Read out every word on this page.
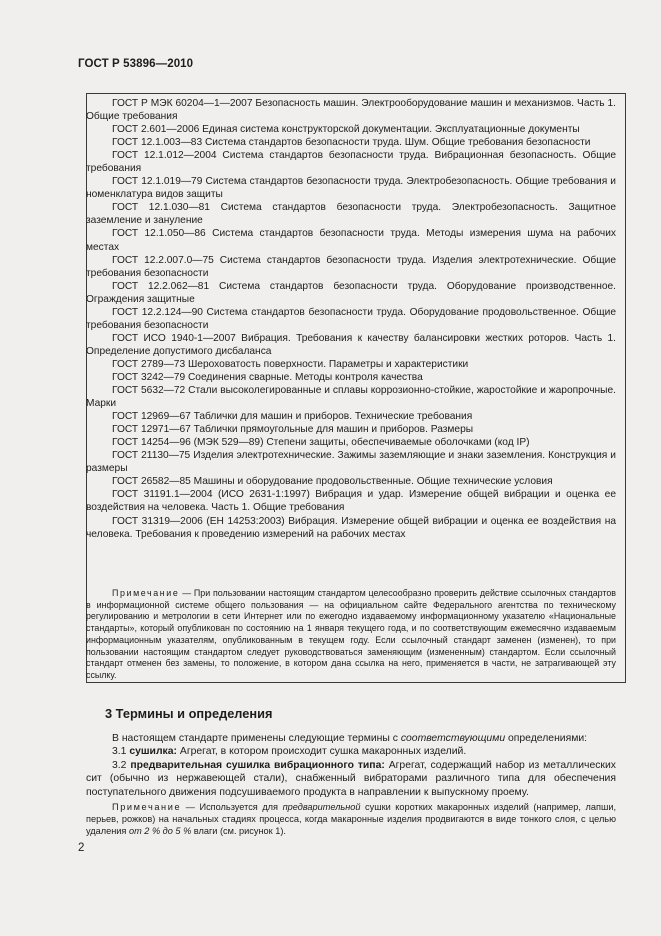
ГОСТ Р 53896—2010

ГОСТ Р МЭК 60204—1—2007 Безопасность машин. Электрооборудование машин и механизмов. Часть 1. Общие требования

ГОСТ 2.601—2006 Единая система конструкторской документации. Эксплуатационные документы

ГОСТ 12.1.003—83 Система стандартов безопасности труда. Шум. Общие требования безопасности

ГОСТ 12.1.012—2004 Система стандартов безопасности труда. Вибрационная безопасность. Общие требования

ГОСТ 12.1.019—79 Система стандартов безопасности труда. Электробезопасность. Общие требования и номенклатура видов защиты

ГОСТ 12.1.030—81 Система стандартов безопасности труда. Электробезопасность. Защитное заземление и зануление

ГОСТ 12.1.050—86 Система стандартов безопасности труда. Методы измерения шума на рабочих местах

ГОСТ 12.2.007.0—75 Система стандартов безопасности труда. Изделия электротехнические. Общие требования безопасности

ГОСТ 12.2.062—81 Система стандартов безопасности труда. Оборудование производственное. Ограждения защитные

ГОСТ 12.2.124—90 Система стандартов безопасности труда. Оборудование продовольственное. Общие требования безопасности

ГОСТ ИСО 1940-1—2007 Вибрация. Требования к качеству балансировки жестких роторов. Часть 1. Определение допустимого дисбаланса

ГОСТ 2789—73 Шероховатость поверхности. Параметры и характеристики

ГОСТ 3242—79 Соединения сварные. Методы контроля качества

ГОСТ 5632—72 Стали высоколегированные и сплавы коррозионно-стойкие, жаростойкие и жаропрочные. Марки

ГОСТ 12969—67 Таблички для машин и приборов. Технические требования

ГОСТ 12971—67 Таблички прямоугольные для машин и приборов. Размеры

ГОСТ 14254—96 (МЭК 529—89) Степени защиты, обеспечиваемые оболочками (код IP)

ГОСТ 21130—75 Изделия электротехнические. Зажимы заземляющие и знаки заземления. Конструкция и размеры

ГОСТ 26582—85 Машины и оборудование продовольственные. Общие технические условия

ГОСТ 31191.1—2004 (ИСО 2631-1:1997) Вибрация и удар. Измерение общей вибрации и оценка ее воздействия на человека. Часть 1. Общие требования

ГОСТ 31319—2006 (ЕН 14253:2003) Вибрация. Измерение общей вибрации и оценка ее воздействия на человека. Требования к проведению измерений на рабочих местах

Примечание — При пользовании настоящим стандартом целесообразно проверить действие ссылочных стандартов в информационной системе общего пользования — на официальном сайте Федерального агентства по техническому регулированию и метрологии в сети Интернет или по ежегодно издаваемому информационному указателю «Национальные стандарты», который опубликован по состоянию на 1 января текущего года, и по соответствующим ежемесячно издаваемым информационным указателям, опубликованным в текущем году. Если ссылочный стандарт заменен (изменен), то при пользовании настоящим стандартом следует руководствоваться заменяющим (измененным) стандартом. Если ссылочный стандарт отменен без замены, то положение, в котором дана ссылка на него, применяется в части, не затрагивающей эту ссылку.
3 Термины и определения

В настоящем стандарте применены следующие термины с соответствующими определениями:

3.1 сушилка: Агрегат, в котором происходит сушка макаронных изделий.

3.2 предварительная сушилка вибрационного типа: Агрегат, содержащий набор из металлических сит (обычно из нержавеющей стали), снабженный вибраторами различного типа для обеспечения поступательного движения подсушиваемого продукта в направлении к выпускному проему.

Примечание — Используется для предварительной сушки коротких макаронных изделий (например, лапши, перьев, рожков) на начальных стадиях процесса, когда макаронные изделия продвигаются в виде тонкого слоя, с целью удаления от 2 % до 5 % влаги (см. рисунок 1).
2
